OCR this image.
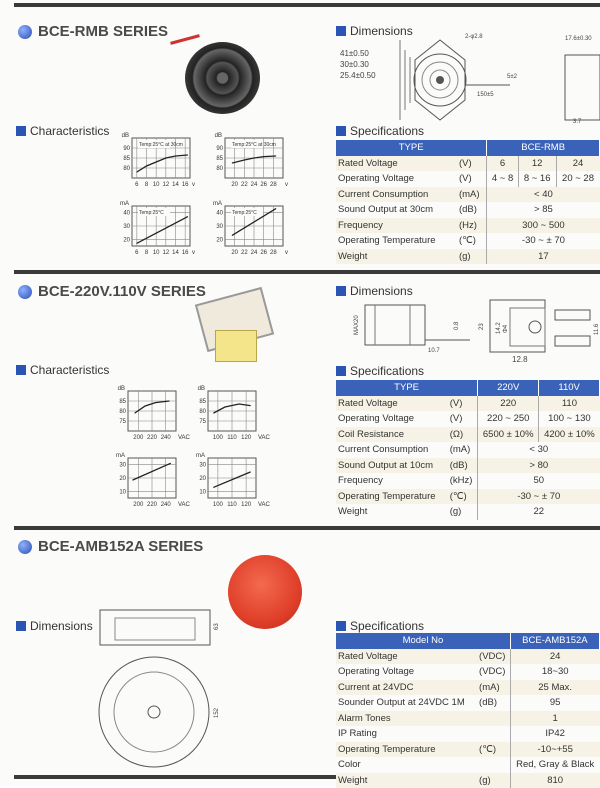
BCE-RMB SERIES
Characteristics
Dimensions
41±0.50
30±0.30
25.4±0.50
2-φ2.8
5±2
150±5
17.6±0.30
3.7
Specifications
TYPE		BCE-RMB		
Rated Voltage	(V)	6	12	24
Operating Voltage	(V)	4 ~ 8	8 ~ 16	20 ~ 28
Current Consumption	(mA)	< 40		
Sound Output at 30cm	(dB)	> 85		
Frequency	(Hz)	300 ~ 500		
Operating Temperature	(℃)	-30 ~ ± 70		
Weight	(g)	17		
6 8 10 12 14 16
80
85
90
dB
v
Temp:25°C at 30cm
20 22 24 26 28
80
85
90
dB
v
Temp:25°C at 30cm
6 8 10 12 14 16
20
30
40
mA
v
Temp:25°C
20 22 24 26 28
20
30
40
mA
v
Temp:25°C
BCE-220V.110V SERIES
Characteristics
Dimensions
MAX20	0.8
10.7
23 14.2 Φ4
12.8
11.6
Specifications
TYPE		220V	110V
Rated Voltage	(V)	220	110
Operating Voltage	(V)	220 ~ 250	100 ~ 130
Coil Resistance	(Ω)	6500 ± 10%	4200 ± 10%
Current Consumption	(mA)	< 30	
Sound Output at 10cm	(dB)	> 80	
Frequency	(kHz)	50	
Operating Temperature	(℃)	-30 ~ ± 70	
Weight	(g)	22	
200 220 240
75
80
85
dB
VAC	100 110 120
75
80
85
dB
VAC
200 220 240
10
20
30
mA
VAC	100 110 120
10
20
30
mA
VAC
BCE-AMB152A SERIES
Dimensions	63
152
Specifications
Model No		BCE-AMB152A
Rated Voltage	(VDC)	24
Operating Voltage	(VDC)	18~30
Current at 24VDC	(mA)	25 Max.
Sounder Output at 24VDC 1M	(dB)	95
Alarm Tones		1
IP Rating		IP42
Operating Temperature	(℃)	-10~+55
Color		Red, Gray & Black
Weight	(g)	810
